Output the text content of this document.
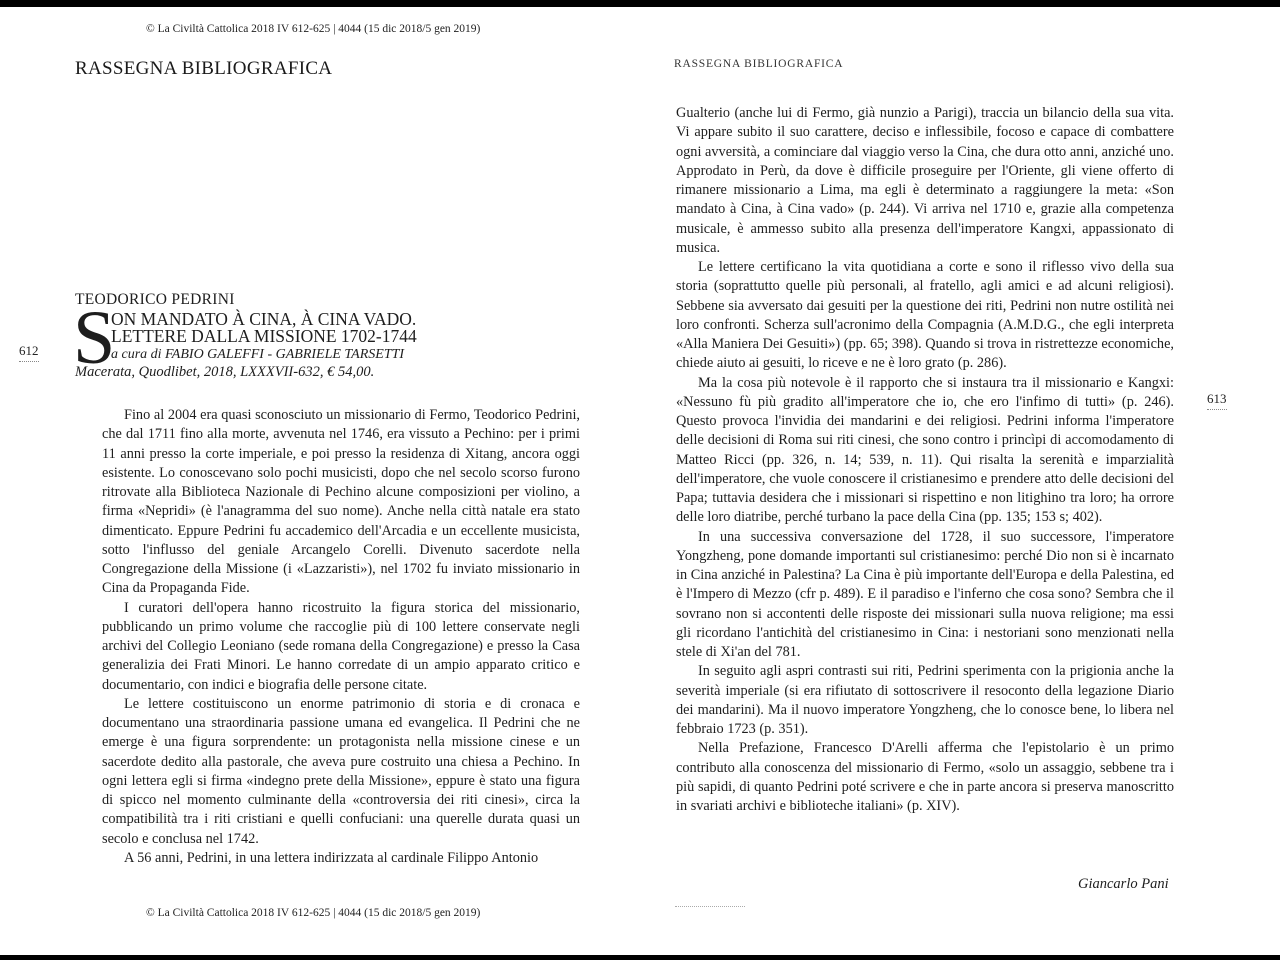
© La Civiltà Cattolica 2018 IV 612-625 | 4044 (15 dic 2018/5 gen 2019)
RASSEGNA BIBLIOGRAFICA	RASSEGNA BIBLIOGRAFICA
612
613
TEODORICO PEDRINI
S
ON MANDATO À CINA, À CINA VADO.
LETTERE DALLA MISSIONE 1702-1744
a cura di FABIO GALEFFI - GABRIELE TARSETTI
Macerata, Quodlibet, 2018, LXXXVII-632, € 54,00.

Fino al 2004 era quasi sconosciuto un missionario di Fermo, Teodorico Pedrini, che dal 1711 fino alla morte, avvenuta nel 1746, era vissuto a Pechino: per i primi 11 anni presso la corte imperiale, e poi presso la residenza di Xitang, ancora oggi esistente. Lo conoscevano solo pochi musicisti, dopo che nel secolo scorso furono ritrovate alla Biblioteca Nazionale di Pechino alcune composizioni per violino, a firma «Nepridi» (è l'anagramma del suo nome). Anche nella città natale era stato dimenticato. Eppure Pedrini fu accademico dell'Arcadia e un eccellente musicista, sotto l'influsso del geniale Arcangelo Corelli. Divenuto sacerdote nella Congregazione della Missione (i «Lazzaristi»), nel 1702 fu inviato missionario in Cina da Propaganda Fide.

I curatori dell'opera hanno ricostruito la figura storica del missionario, pubblicando un primo volume che raccoglie più di 100 lettere conservate negli archivi del Collegio Leoniano (sede romana della Congregazione) e presso la Casa generalizia dei Frati Minori. Le hanno corredate di un ampio apparato critico e documentario, con indici e biografia delle persone citate.

Le lettere costituiscono un enorme patrimonio di storia e di cronaca e documentano una straordinaria passione umana ed evangelica. Il Pedrini che ne emerge è una figura sorprendente: un protagonista nella missione cinese e un sacerdote dedito alla pastorale, che aveva pure costruito una chiesa a Pechino. In ogni lettera egli si firma «indegno prete della Missione», eppure è stato una figura di spicco nel momento culminante della «controversia dei riti cinesi», circa la compatibilità tra i riti cristiani e quelli confuciani: una querelle durata quasi un secolo e conclusa nel 1742.

A 56 anni, Pedrini, in una lettera indirizzata al cardinale Filippo Antonio

Gualterio (anche lui di Fermo, già nunzio a Parigi), traccia un bilancio della sua vita. Vi appare subito il suo carattere, deciso e inflessibile, focoso e capace di combattere ogni avversità, a cominciare dal viaggio verso la Cina, che dura otto anni, anziché uno. Approdato in Perù, da dove è difficile proseguire per l'Oriente, gli viene offerto di rimanere missionario a Lima, ma egli è determinato a raggiungere la meta: «Son mandato à Cina, à Cina vado» (p. 244). Vi arriva nel 1710 e, grazie alla competenza musicale, è ammesso subito alla presenza dell'imperatore Kangxi, appassionato di musica.

Le lettere certificano la vita quotidiana a corte e sono il riflesso vivo della sua storia (soprattutto quelle più personali, al fratello, agli amici e ad alcuni religiosi). Sebbene sia avversato dai gesuiti per la questione dei riti, Pedrini non nutre ostilità nei loro confronti. Scherza sull'acronimo della Compagnia (A.M.D.G., che egli interpreta «Alla Maniera Dei Gesuiti») (pp. 65; 398). Quando si trova in ristrettezze economiche, chiede aiuto ai gesuiti, lo riceve e ne è loro grato (p. 286).

Ma la cosa più notevole è il rapporto che si instaura tra il missionario e Kangxi: «Nessuno fù più gradito all'imperatore che io, che ero l'infimo di tutti» (p. 246). Questo provoca l'invidia dei mandarini e dei religiosi. Pedrini informa l'imperatore delle decisioni di Roma sui riti cinesi, che sono contro i princìpi di accomodamento di Matteo Ricci (pp. 326, n. 14; 539, n. 11). Qui risalta la serenità e imparzialità dell'imperatore, che vuole conoscere il cristianesimo e prendere atto delle decisioni del Papa; tuttavia desidera che i missionari si rispettino e non litighino tra loro; ha orrore delle loro diatribe, perché turbano la pace della Cina (pp. 135; 153 s; 402).

In una successiva conversazione del 1728, il suo successore, l'imperatore Yongzheng, pone domande importanti sul cristianesimo: perché Dio non si è incarnato in Cina anziché in Palestina? La Cina è più importante dell'Europa e della Palestina, ed è l'Impero di Mezzo (cfr p. 489). E il paradiso e l'inferno che cosa sono? Sembra che il sovrano non si accontenti delle risposte dei missionari sulla nuova religione; ma essi gli ricordano l'antichità del cristianesimo in Cina: i nestoriani sono menzionati nella stele di Xi'an del 781.

In seguito agli aspri contrasti sui riti, Pedrini sperimenta con la prigionia anche la severità imperiale (si era rifiutato di sottoscrivere il resoconto della legazione Diario dei mandarini). Ma il nuovo imperatore Yongzheng, che lo conosce bene, lo libera nel febbraio 1723 (p. 351).

Nella Prefazione, Francesco D'Arelli afferma che l'epistolario è un primo contributo alla conoscenza del missionario di Fermo, «solo un assaggio, sebbene tra i più sapidi, di quanto Pedrini poté scrivere e che in parte ancora si preserva manoscritto in svariati archivi e biblioteche italiani» (p. XIV).

Giancarlo Pani
© La Civiltà Cattolica 2018 IV 612-625 | 4044 (15 dic 2018/5 gen 2019)
